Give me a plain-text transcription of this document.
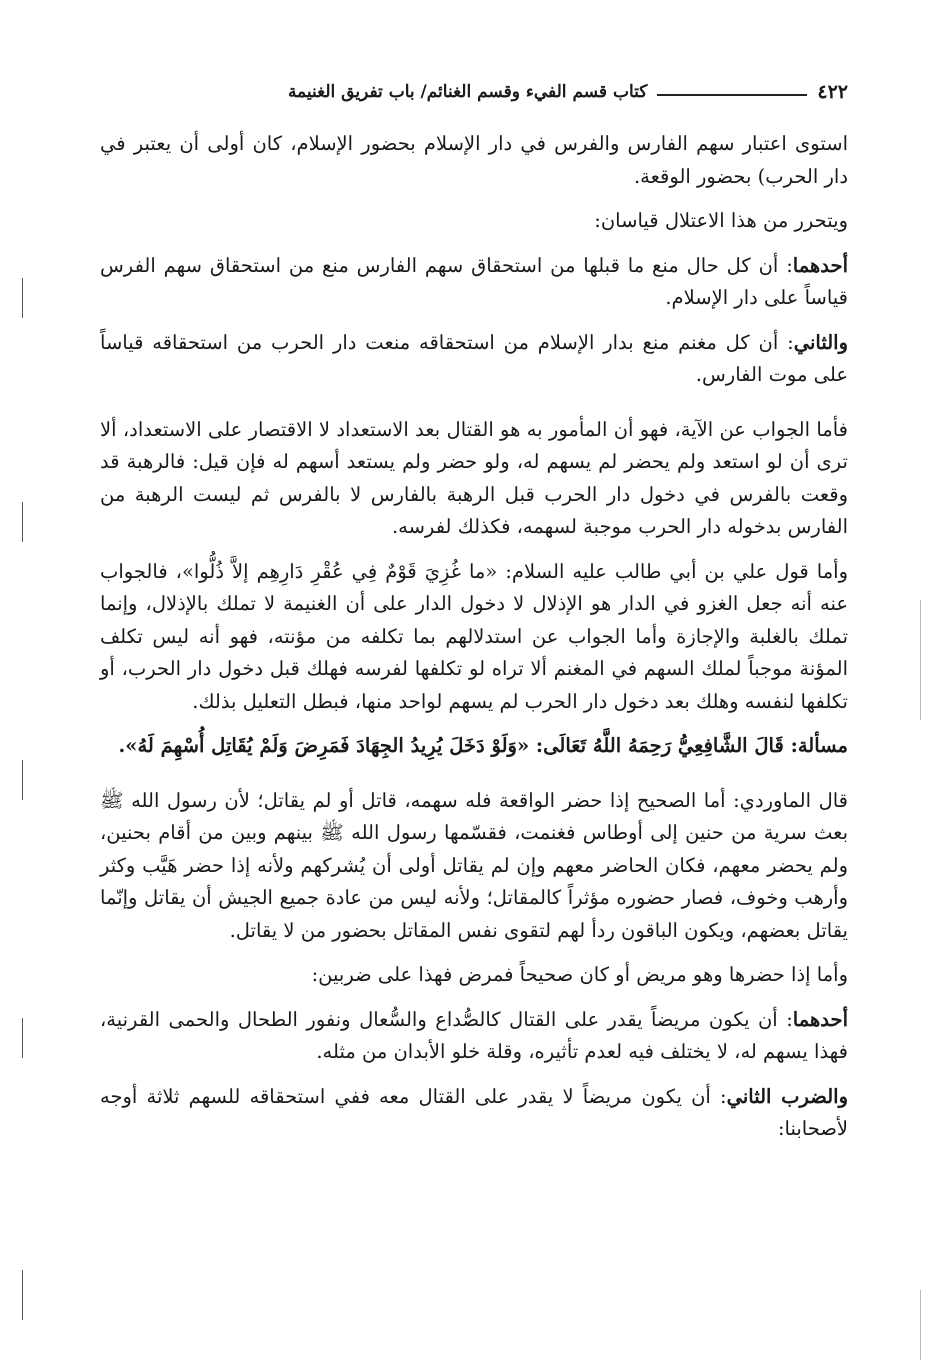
٤٢٢
كتاب قسم الفيء وقسم الغنائم/ باب تفريق الغنيمة

استوى اعتبار سهم الفارس والفرس في دار الإسلام بحضور الإسلام، كان أولى أن يعتبر في دار الحرب) بحضور الوقعة.

ويتحرر من هذا الاعتلال قياسان:

أحدهما: أن كل حال منع ما قبلها من استحقاق سهم الفارس منع من استحقاق سهم الفرس قياساً على دار الإسلام.

والثاني: أن كل مغنم منع بدار الإسلام من استحقاقه منعت دار الحرب من استحقاقه قياساً على موت الفارس.

فأما الجواب عن الآية، فهو أن المأمور به هو القتال بعد الاستعداد لا الاقتصار على الاستعداد، ألا ترى أن لو استعد ولم يحضر لم يسهم له، ولو حضر ولم يستعد أسهم له فإن قيل: فالرهبة قد وقعت بالفرس في دخول دار الحرب قبل الرهبة بالفارس لا بالفرس ثم ليست الرهبة من الفارس بدخوله دار الحرب موجبة لسهمه، فكذلك لفرسه.

وأما قول علي بن أبي طالب عليه السلام: «ما غُزِيَ قَوْمٌ فِي عُقْرِ دَارِهِم إلاَّ ذُلُّوا»، فالجواب عنه أنه جعل الغزو في الدار هو الإذلال لا دخول الدار على أن الغنيمة لا تملك بالإذلال، وإنما تملك بالغلبة والإجازة وأما الجواب عن استدلالهم بما تكلفه من مؤنته، فهو أنه ليس تكلف المؤنة موجباً لملك السهم في المغنم ألا تراه لو تكلفها لفرسه فهلك قبل دخول دار الحرب، أو تكلفها لنفسه وهلك بعد دخول دار الحرب لم يسهم لواحد منها، فبطل التعليل بذلك.

مسألة: قَالَ الشَّافِعِيُّ رَحِمَهُ اللَّهُ تَعَالَى: «وَلَوْ دَخَلَ يُرِيدُ الجِهَادَ فَمَرِضَ وَلَمْ يُقَاتِل أُسْهِمَ لَهُ».

قال الماوردي: أما الصحيح إذا حضر الواقعة فله سهمه، قاتل أو لم يقاتل؛ لأن رسول الله ﷺ بعث سرية من حنين إلى أوطاس فغنمت، فقسّمها رسول الله ﷺ بينهم وبين من أقام بحنين، ولم يحضر معهم، فكان الحاضر معهم وإن لم يقاتل أولى أن يُشركهم ولأنه إذا حضر هَيَّب وكثر وأرهب وخوف، فصار حضوره مؤثراً كالمقاتل؛ ولأنه ليس من عادة جميع الجيش أن يقاتل وإنّما يقاتل بعضهم، ويكون الباقون ردأ لهم لتقوى نفس المقاتل بحضور من لا يقاتل.

وأما إذا حضرها وهو مريض أو كان صحيحاً فمرض فهذا على ضربين:

أحدهما: أن يكون مريضاً يقدر على القتال كالصُّداع والسُّعال ونفور الطحال والحمى القرنية، فهذا يسهم له، لا يختلف فيه لعدم تأثيره، وقلة خلو الأبدان من مثله.

والضرب الثاني: أن يكون مريضاً لا يقدر على القتال معه ففي استحقاقه للسهم ثلاثة أوجه لأصحابنا:
